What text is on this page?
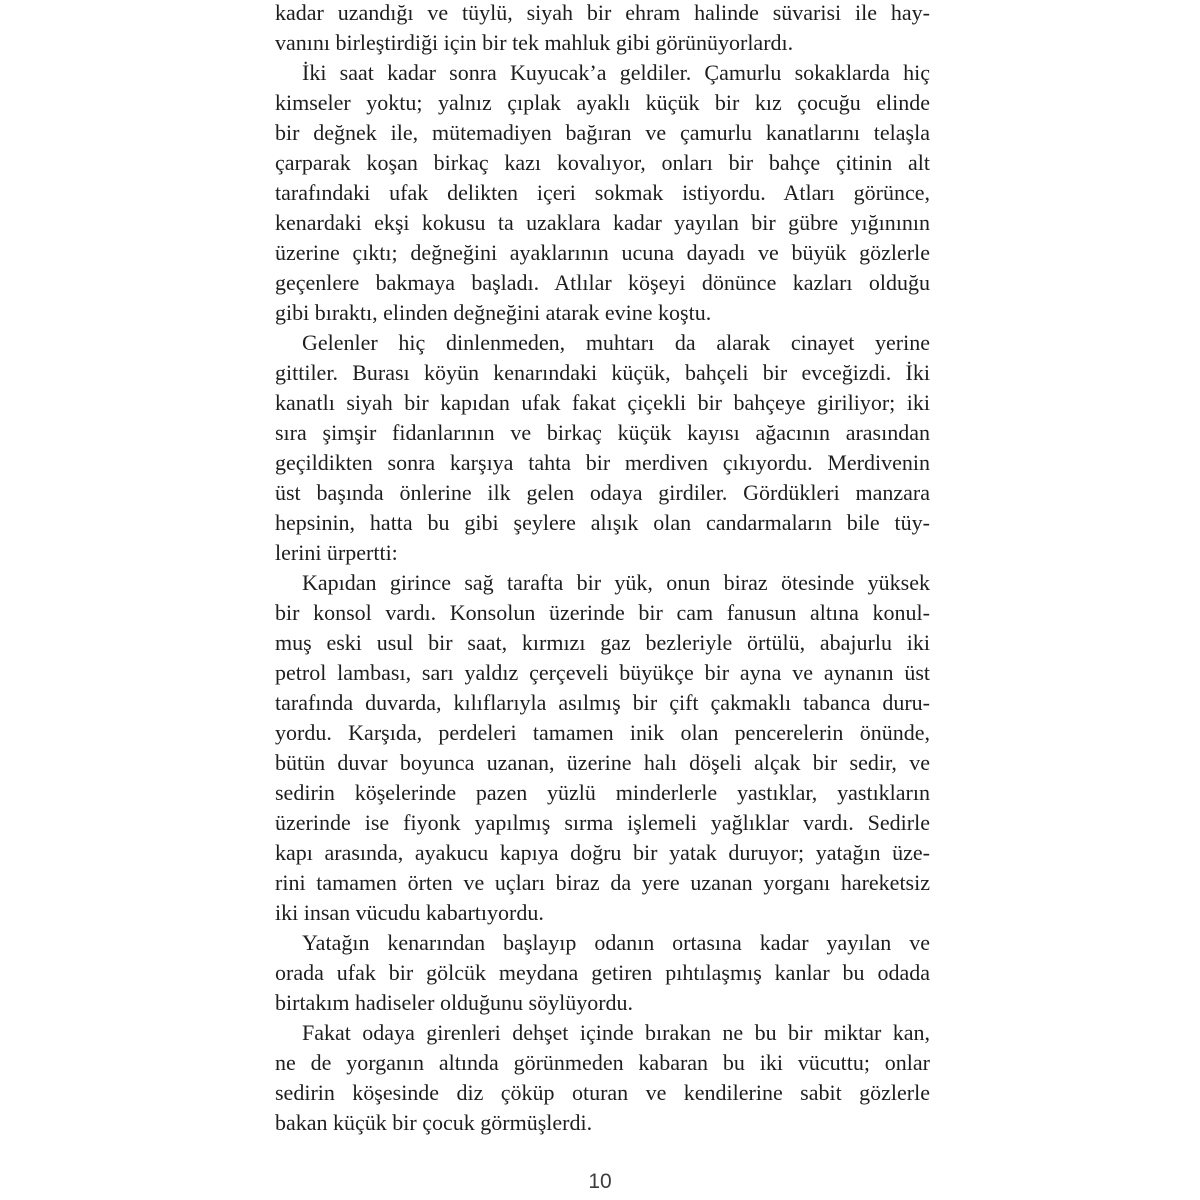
kadar uzandığı ve tüylü, siyah bir ehram halinde süvarisi ile hay-
vanını birleştirdiği için bir tek mahluk gibi görünüyorlardı.

İki saat kadar sonra Kuyucak’a geldiler. Çamurlu sokaklarda hiç
kimseler yoktu; yalnız çıplak ayaklı küçük bir kız çocuğu elinde
bir değnek ile, mütemadiyen bağıran ve çamurlu kanatlarını telaşla
çarparak koşan birkaç kazı kovalıyor, onları bir bahçe çitinin alt
tarafındaki ufak delikten içeri sokmak istiyordu. Atları görünce,
kenardaki ekşi kokusu ta uzaklara kadar yayılan bir gübre yığınının
üzerine çıktı; değneğini ayaklarının ucuna dayadı ve büyük gözlerle
geçenlere bakmaya başladı. Atlılar köşeyi dönünce kazları olduğu
gibi bıraktı, elinden değneğini atarak evine koştu.

Gelenler hiç dinlenmeden, muhtarı da alarak cinayet yerine
gittiler. Burası köyün kenarındaki küçük, bahçeli bir evceğizdi. İki
kanatlı siyah bir kapıdan ufak fakat çiçekli bir bahçeye giriliyor; iki
sıra şimşir fidanlarının ve birkaç küçük kayısı ağacının arasından
geçildikten sonra karşıya tahta bir merdiven çıkıyordu. Merdivenin
üst başında önlerine ilk gelen odaya girdiler. Gördükleri manzara
hepsinin, hatta bu gibi şeylere alışık olan candarmaların bile tüy-
lerini ürpertti:

Kapıdan girince sağ tarafta bir yük, onun biraz ötesinde yüksek
bir konsol vardı. Konsolun üzerinde bir cam fanusun altına konul-
muş eski usul bir saat, kırmızı gaz bezleriyle örtülü, abajurlu iki
petrol lambası, sarı yaldız çerçeveli büyükçe bir ayna ve aynanın üst
tarafında duvarda, kılıflarıyla asılmış bir çift çakmaklı tabanca duru-
yordu. Karşıda, perdeleri tamamen inik olan pencerelerin önünde,
bütün duvar boyunca uzanan, üzerine halı döşeli alçak bir sedir, ve
sedirin köşelerinde pazen yüzlü minderlerle yastıklar, yastıkların
üzerinde ise fiyonk yapılmış sırma işlemeli yağlıklar vardı. Sedirle
kapı arasında, ayakucu kapıya doğru bir yatak duruyor; yatağın üze-
rini tamamen örten ve uçları biraz da yere uzanan yorganı hareketsiz
iki insan vücudu kabartıyordu.

Yatağın kenarından başlayıp odanın ortasına kadar yayılan ve
orada ufak bir gölcük meydana getiren pıhtılaşmış kanlar bu odada
birtakım hadiseler olduğunu söylüyordu.

Fakat odaya girenleri dehşet içinde bırakan ne bu bir miktar kan,
ne de yorganın altında görünmeden kabaran bu iki vücuttu; onlar
sedirin köşesinde diz çöküp oturan ve kendilerine sabit gözlerle
bakan küçük bir çocuk görmüşlerdi.

10
